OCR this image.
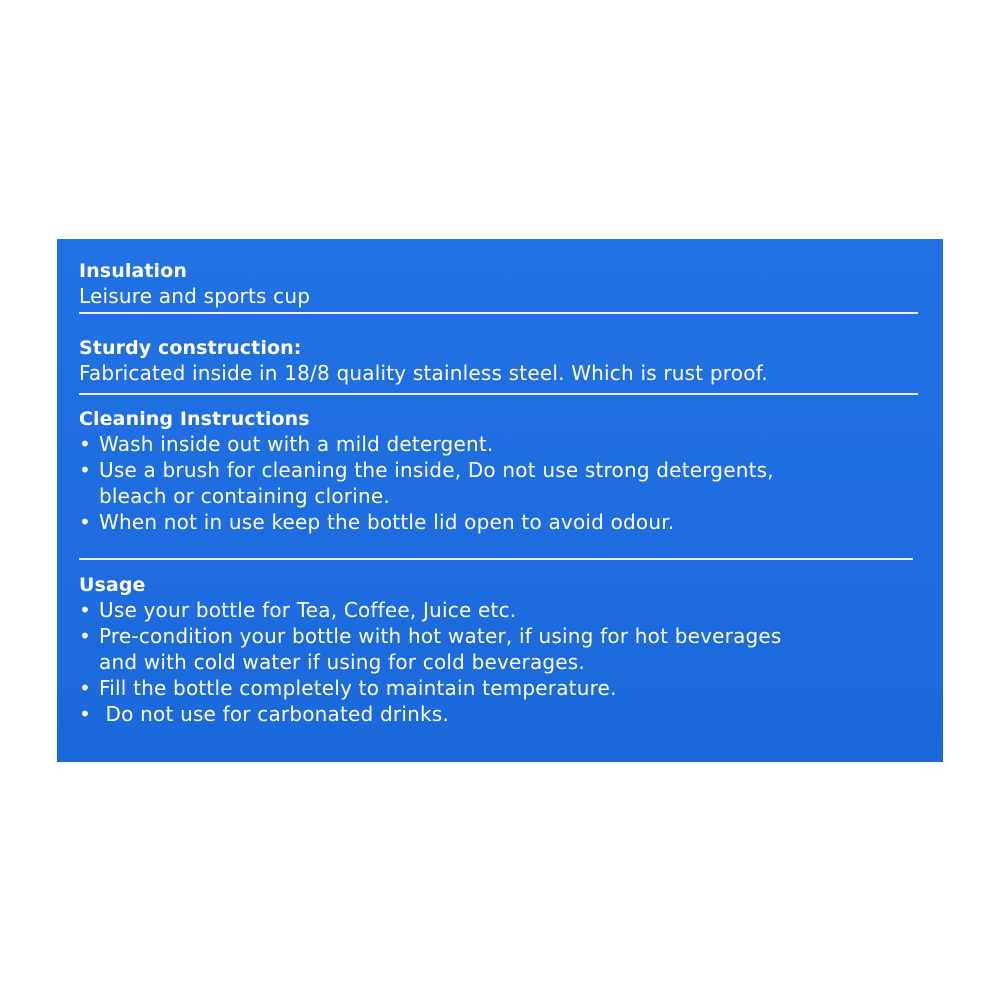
Insulation
Leisure and sports cup
Sturdy construction:
Fabricated inside in 18/8 quality stainless steel. Which is rust proof.
Cleaning Instructions
• Wash inside out with a mild detergent.
• Use a brush for cleaning the inside, Do not use strong detergents,
bleach or containing clorine.
• When not in use keep the bottle lid open to avoid odour.
Usage
• Use your bottle for Tea, Coffee, Juice etc.
• Pre-condition your bottle with hot water, if using for hot beverages
and with cold water if using for cold beverages.
• Fill the bottle completely to maintain temperature.
• Do not use for carbonated drinks.
